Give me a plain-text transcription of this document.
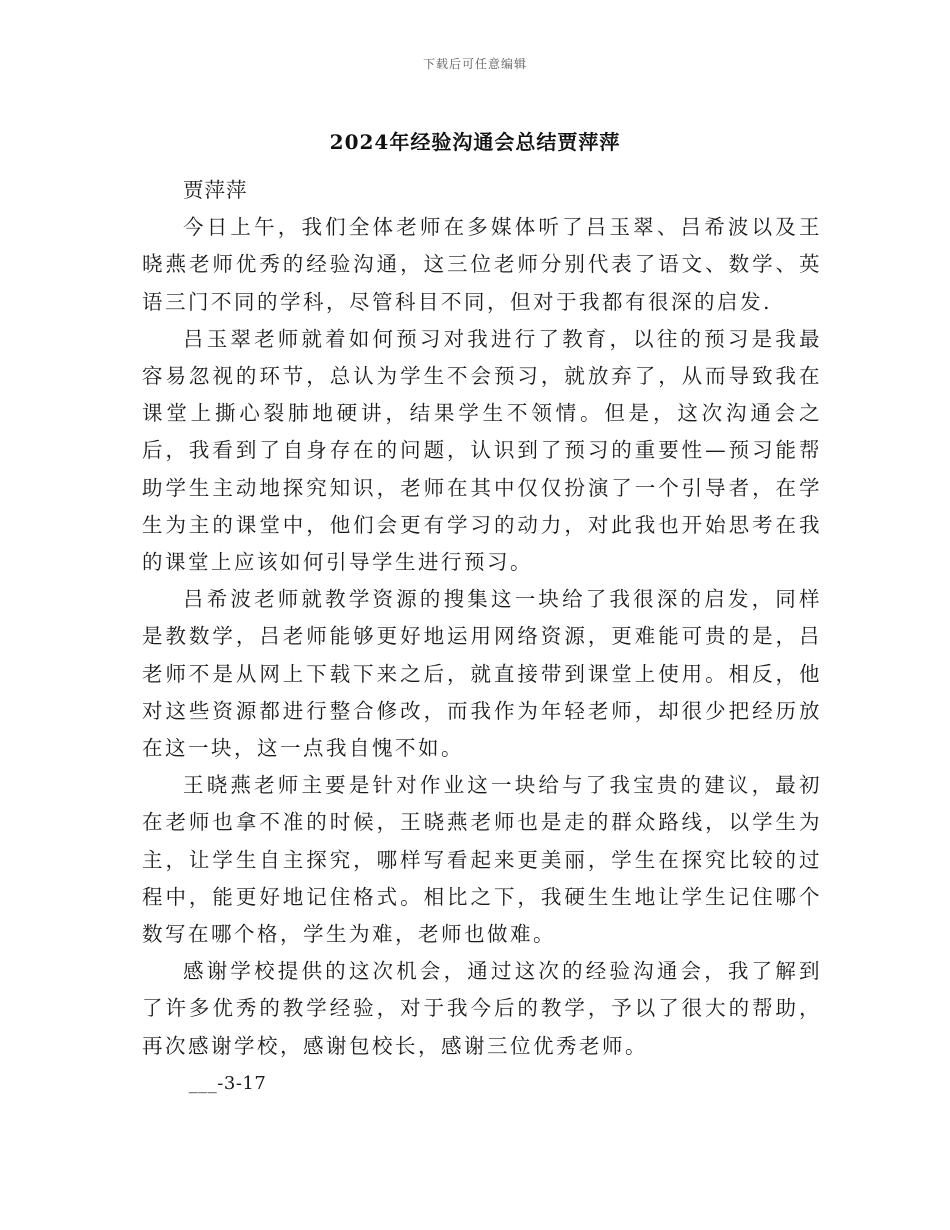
下载后可任意编辑
2024年经验沟通会总结贾萍萍

贾萍萍

今日上午，我们全体老师在多媒体听了吕玉翠、吕希波以及王晓燕老师优秀的经验沟通，这三位老师分别代表了语文、数学、英语三门不同的学科，尽管科目不同，但对于我都有很深的启发.

吕玉翠老师就着如何预习对我进行了教育，以往的预习是我最容易忽视的环节，总认为学生不会预习，就放弃了，从而导致我在课堂上撕心裂肺地硬讲，结果学生不领情。但是，这次沟通会之后，我看到了自身存在的问题，认识到了预习的重要性—预习能帮助学生主动地探究知识，老师在其中仅仅扮演了一个引导者，在学生为主的课堂中，他们会更有学习的动力，对此我也开始思考在我的课堂上应该如何引导学生进行预习。

吕希波老师就教学资源的搜集这一块给了我很深的启发，同样是教数学，吕老师能够更好地运用网络资源，更难能可贵的是，吕老师不是从网上下载下来之后，就直接带到课堂上使用。相反，他对这些资源都进行整合修改，而我作为年轻老师，却很少把经历放在这一块，这一点我自愧不如。

王晓燕老师主要是针对作业这一块给与了我宝贵的建议，最初在老师也拿不准的时候，王晓燕老师也是走的群众路线，以学生为主，让学生自主探究，哪样写看起来更美丽，学生在探究比较的过程中，能更好地记住格式。相比之下，我硬生生地让学生记住哪个数写在哪个格，学生为难，老师也做难。

感谢学校提供的这次机会，通过这次的经验沟通会，我了解到了许多优秀的教学经验，对于我今后的教学，予以了很大的帮助，再次感谢学校，感谢包校长，感谢三位优秀老师。

___-3-17
